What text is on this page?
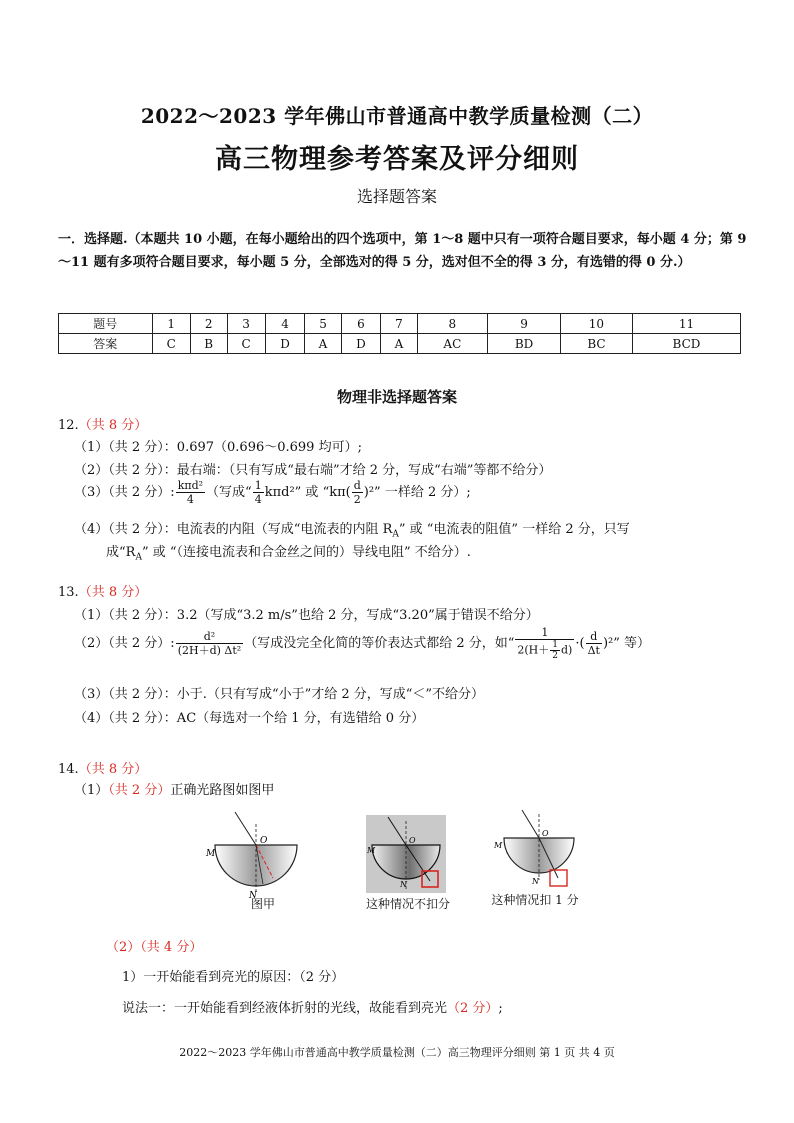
2022～2023 学年佛山市普通高中教学质量检测（二）
高三物理参考答案及评分细则
选择题答案
一．选择题.（本题共 10 小题，在每小题给出的四个选项中，第 1～8 题中只有一项符合题目要求，每小题 4 分；第 9～11 题有多项符合题目要求，每小题 5 分，全部选对的得 5 分，选对但不全的得 3 分，有选错的得 0 分.）
题号	1	2	3	4	5	6	7	8	9	10	11
答案	C	B	C	D	A	D	A	AC	BD	BC	BCD
物理非选择题答案
12.（共 8 分）
（1）（共 2 分）：0.697（0.696～0.699 均可）;
（2）（共 2 分）：最右端：（只有写成“最右端”才给 2 分，写成“右端”等都不给分）
（3）（共 2 分）: $\frac{\text{kπd²}}{4}$ （写成“ $\frac{1}{4} k\pi d^2$” 或 “$k\pi( \frac{d}{2} )^2$” 一样给 2 分）;
（4）（共 2 分）：电流表的内阻（写成“电流表的内阻 $R_A$” 或 “电流表的阻值” 一样给 2 分，只写
成“$R_A$” 或 “（连接电流表和合金丝之间的）导线电阻” 不给分）.
13.（共 8 分）
（1）（共 2 分）：3.2（写成“3.2 m/s”也给 2 分，写成“3.20”属于错误不给分）
（2）（共 2 分）: $\frac{\text{d²}}{\text{(2H＋d) Δt²}}$ （写成没完全化简的等价表达式都给 2 分，如“ $\frac{1}{2(H+ \frac{1}{2} d)}$ ·( $\frac{d}{\Delta t} )^2$” 等）
（3）（共 2 分）：小于.（只有写成“小于”才给 2 分，写成“＜”不给分）
（4）（共 2 分）：AC（每选对一个给 1 分，有选错给 0 分）
14.（共 8 分）
（1）（共 2 分）正确光路图如图甲
O
M
N
图甲
O
M
N
这种情况不扣分
O
M
N
这种情况扣 1 分
（2）（共 4 分）
1）一开始能看到亮光的原因：（2 分）
说法一：一开始能看到经液体折射的光线，故能看到亮光（2 分）;
2022～2023 学年佛山市普通高中教学质量检测（二）高三物理评分细则 第 1 页 共 4 页
